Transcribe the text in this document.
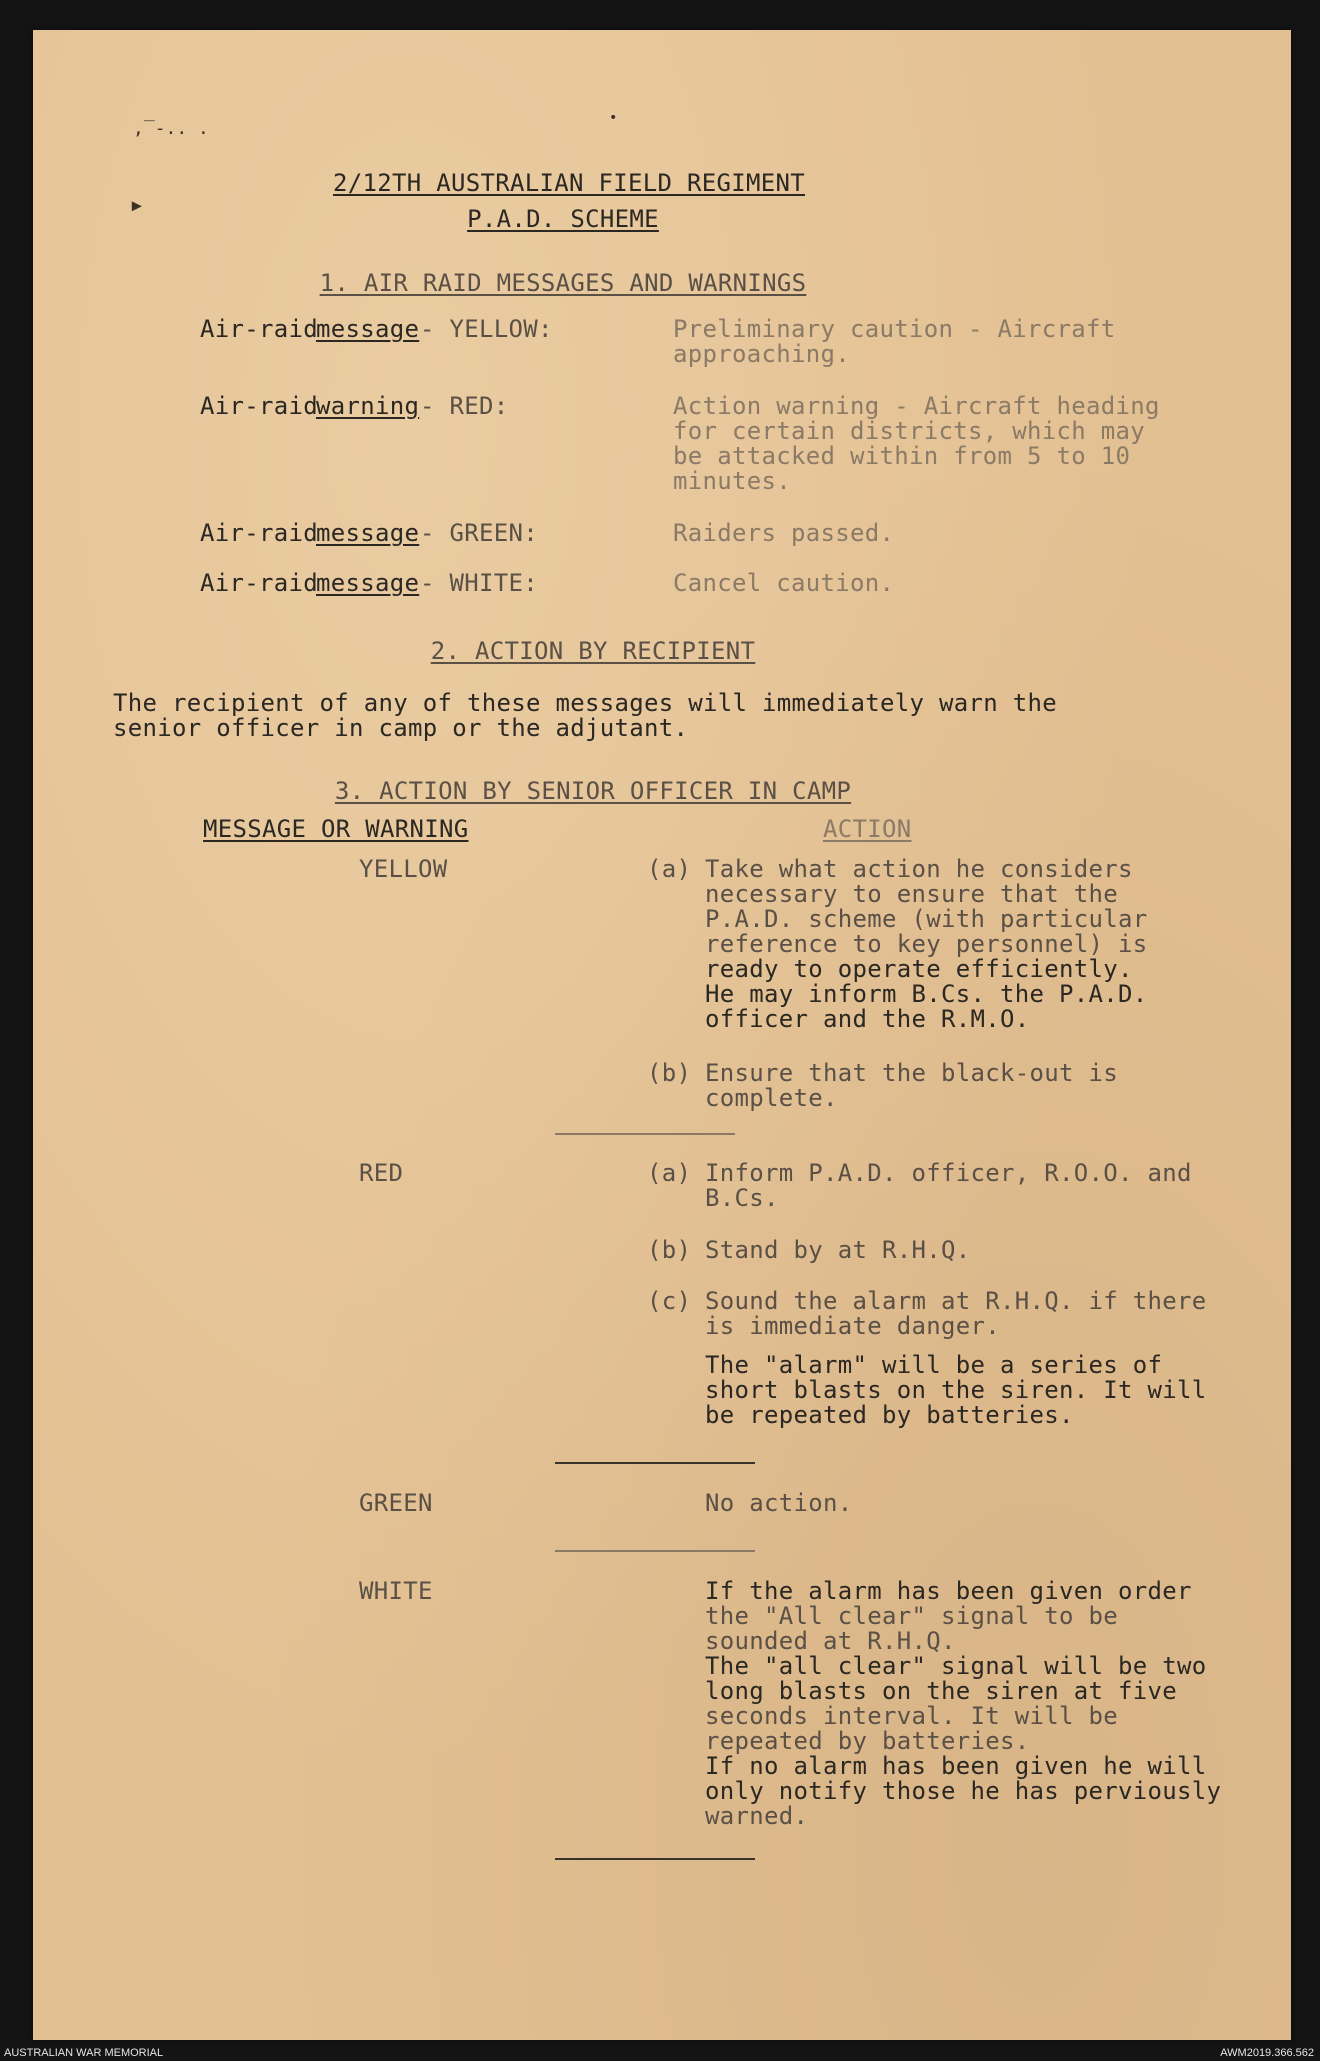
,‾-.. .
▸
•
2/12TH AUSTRALIAN FIELD REGIMENT
P.A.D. SCHEME
1. AIR RAID MESSAGES AND WARNINGS
Air-raid
message - YELLOW:	Preliminary caution - Aircraft
approaching.
Air-raid
warning - RED:	Action warning - Aircraft heading
for certain districts, which may
be attacked within from 5 to 10
minutes.
Air-raid
message - GREEN:	Raiders passed.
Air-raid
message - WHITE:	Cancel caution.
2. ACTION BY RECIPIENT
The recipient of any of these messages will immediately warn the
senior officer in camp or the adjutant.
3. ACTION BY SENIOR OFFICER IN CAMP
MESSAGE OR WARNING	ACTION
YELLOW	(a) Take what action he considers
necessary to ensure that the
P.A.D. scheme (with particular
reference to key personnel) is
ready to operate efficiently.
He may inform B.Cs. the P.A.D.
officer and the R.M.O.
(b) Ensure that the black-out is
complete.
RED	(a) Inform P.A.D. officer, R.O.O. and
B.Cs.
(b) Stand by at R.H.Q.
(c) Sound the alarm at R.H.Q. if there
is immediate danger.
The "alarm" will be a series of
short blasts on the siren. It will
be repeated by batteries.
GREEN	No action.
WHITE	If the alarm has been given order
the "All clear" signal to be
sounded at R.H.Q.
The "all clear" signal will be two
long blasts on the siren at five
seconds interval. It will be
repeated by batteries.
If no alarm has been given he will
only notify those he has perviously
warned.
AUSTRALIAN WAR MEMORIAL	AWM2019.366.562
